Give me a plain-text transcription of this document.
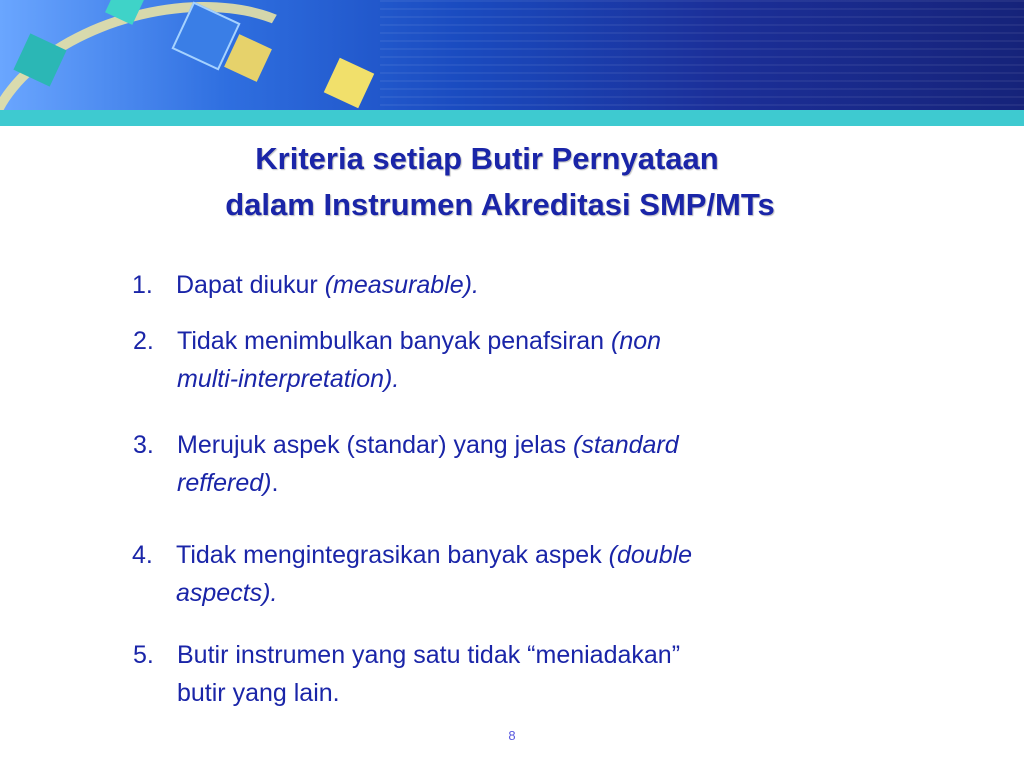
Kriteria setiap Butir Pernyataan
dalam Instrumen Akreditasi SMP/MTs
1. Dapat diukur (measurable).
2. Tidak menimbulkan banyak penafsiran (non
multi-interpretation).
3. Merujuk aspek (standar) yang jelas (standard
reffered).
4. Tidak mengintegrasikan banyak aspek (double
aspects).
5. Butir instrumen yang satu tidak “meniadakan”
butir yang lain.
8
